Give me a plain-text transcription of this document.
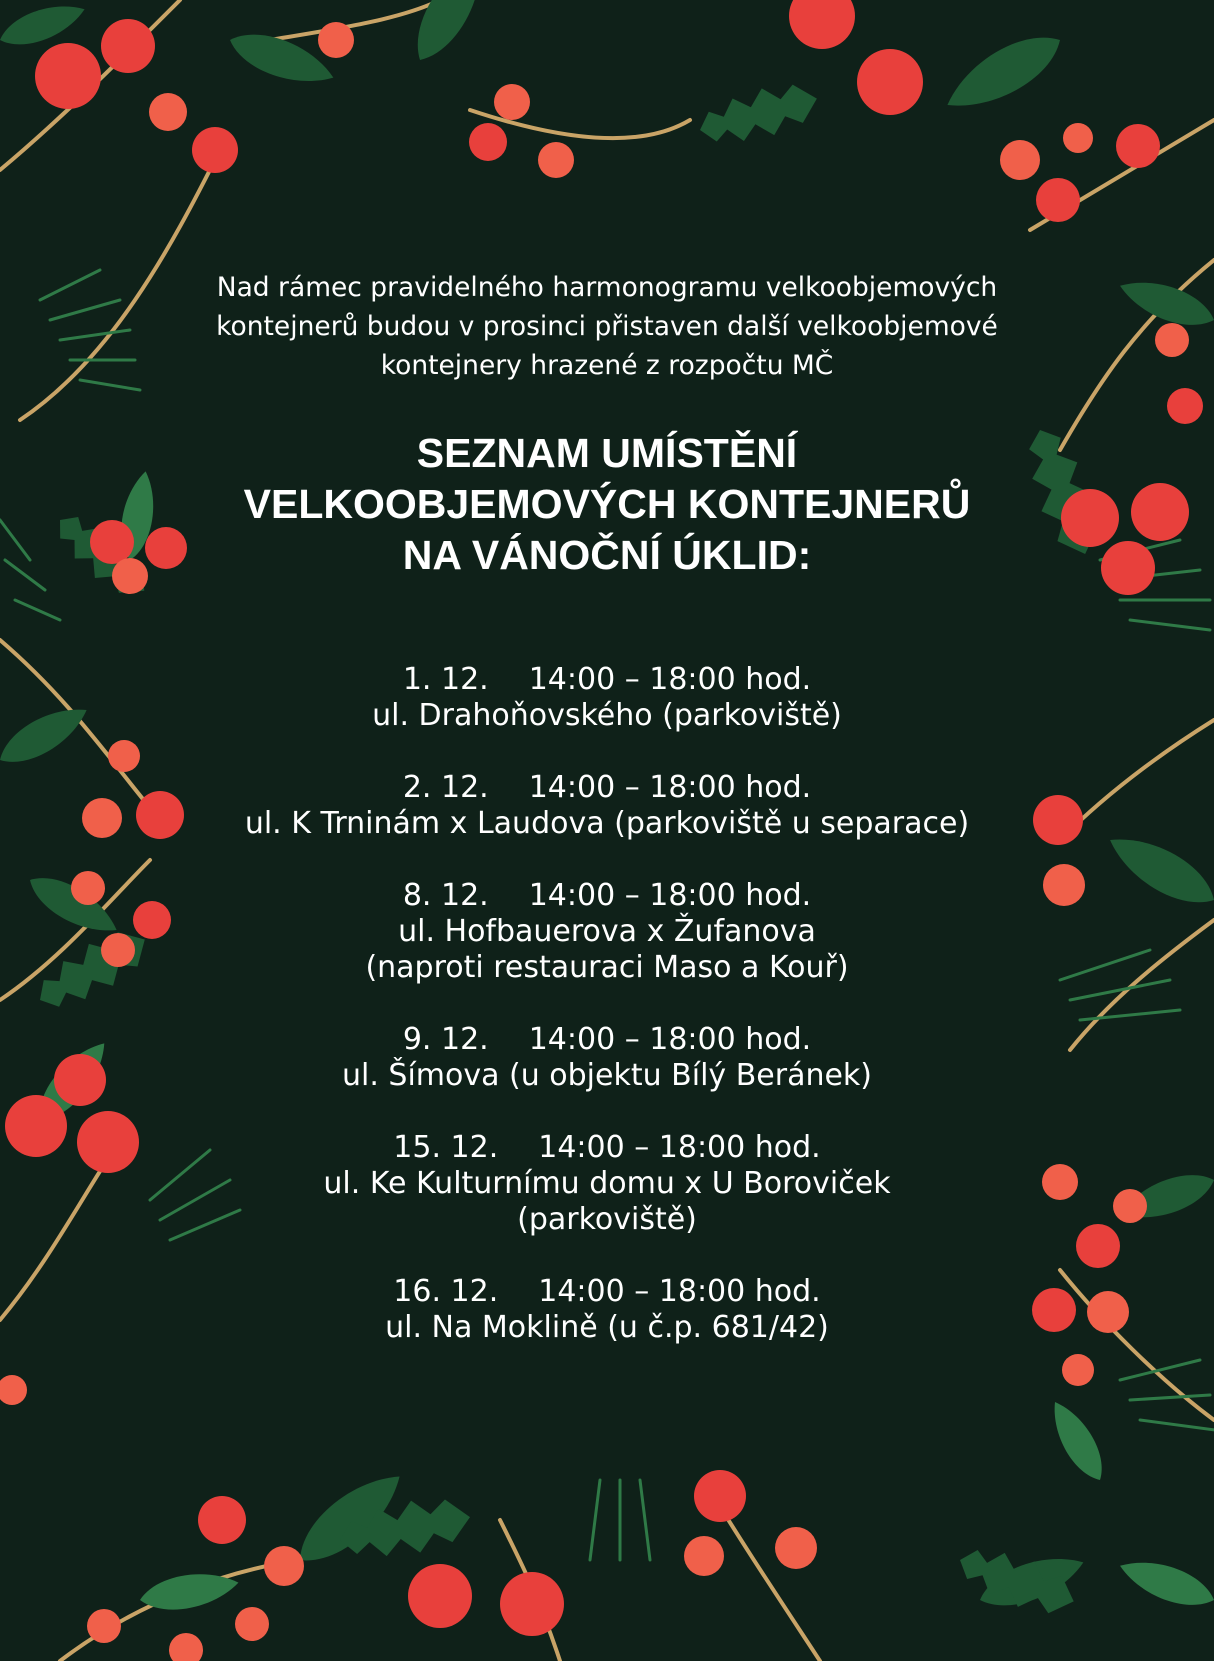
Nad rámec pravidelného harmonogramu velkoobjemových
kontejnerů budou v prosinci přistaven další velkoobjemové
kontejnery hrazené z rozpočtu MČ
SEZNAM UMÍSTĚNÍ
VELKOOBJEMOVÝCH KONTEJNERŮ
NA VÁNOČNÍ ÚKLID:
1. 12. 14:00 – 18:00 hod.
ul. Drahoňovského (parkoviště)
2. 12. 14:00 – 18:00 hod.
ul. K Trninám x Laudova (parkoviště u separace)
8. 12. 14:00 – 18:00 hod.
ul. Hofbauerova x Žufanova
(naproti restauraci Maso a Kouř)
9. 12. 14:00 – 18:00 hod.
ul. Šímova (u objektu Bílý Beránek)
15. 12. 14:00 – 18:00 hod.
ul. Ke Kulturnímu domu x U Boroviček
(parkoviště)
16. 12. 14:00 – 18:00 hod.
ul. Na Moklině (u č.p. 681/42)
